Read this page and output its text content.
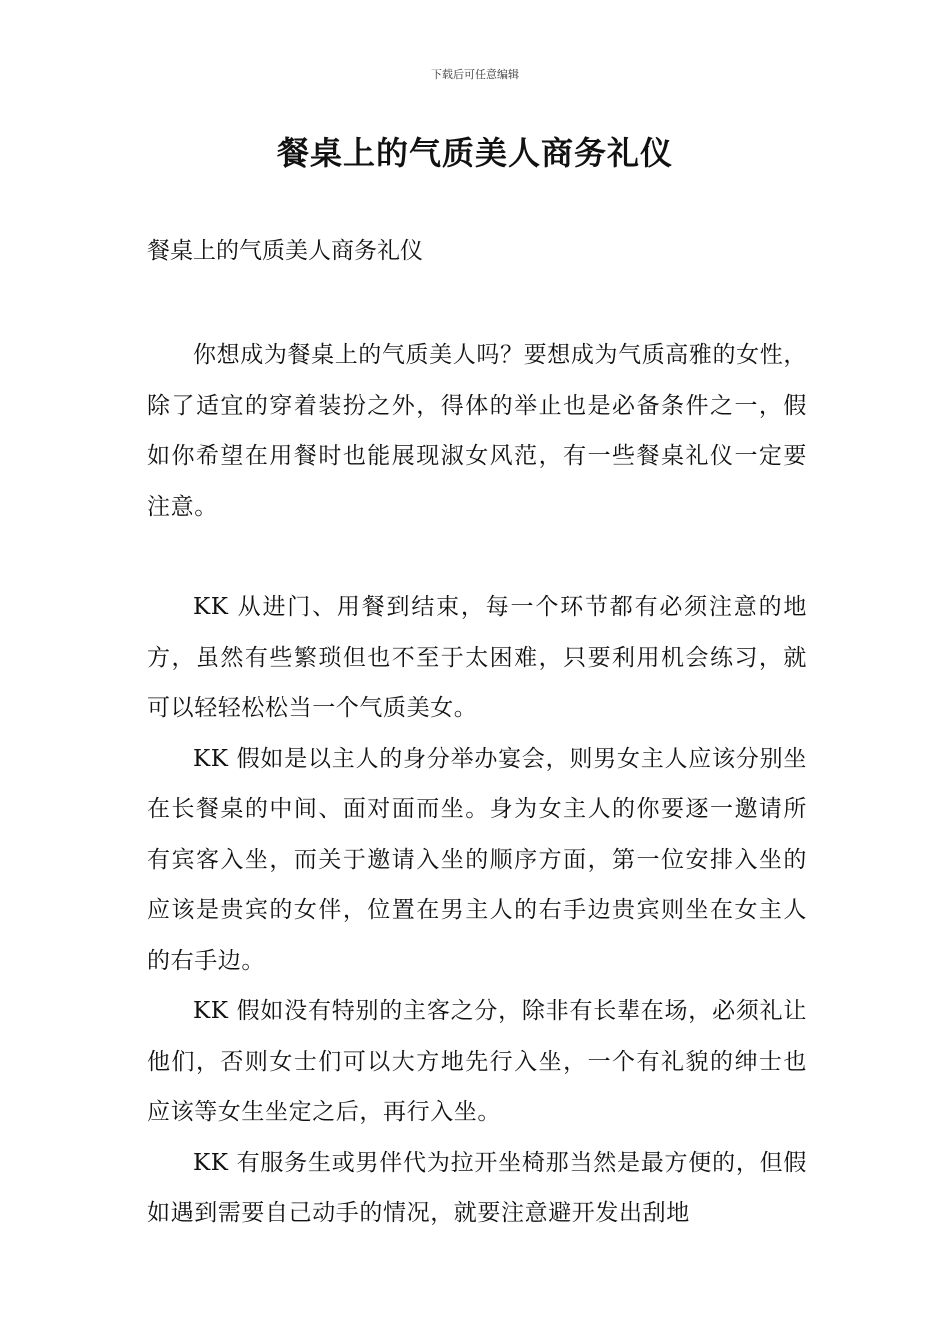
下载后可任意编辑
餐桌上的气质美人商务礼仪

餐桌上的气质美人商务礼仪

你想成为餐桌上的气质美人吗？要想成为气质高雅的女性，除了适宜的穿着装扮之外，得体的举止也是必备条件之一，假如你希望在用餐时也能展现淑女风范，有一些餐桌礼仪一定要注意。

KK 从进门、用餐到结束，每一个环节都有必须注意的地方，虽然有些繁琐但也不至于太困难，只要利用机会练习，就可以轻轻松松当一个气质美女。

KK 假如是以主人的身分举办宴会，则男女主人应该分别坐在长餐桌的中间、面对面而坐。身为女主人的你要逐一邀请所有宾客入坐，而关于邀请入坐的顺序方面，第一位安排入坐的应该是贵宾的女伴，位置在男主人的右手边贵宾则坐在女主人的右手边。

KK 假如没有特别的主客之分，除非有长辈在场，必须礼让他们，否则女士们可以大方地先行入坐，一个有礼貌的绅士也应该等女生坐定之后，再行入坐。

KK 有服务生或男伴代为拉开坐椅那当然是最方便的，但假如遇到需要自己动手的情况，就要注意避开发出刮地
